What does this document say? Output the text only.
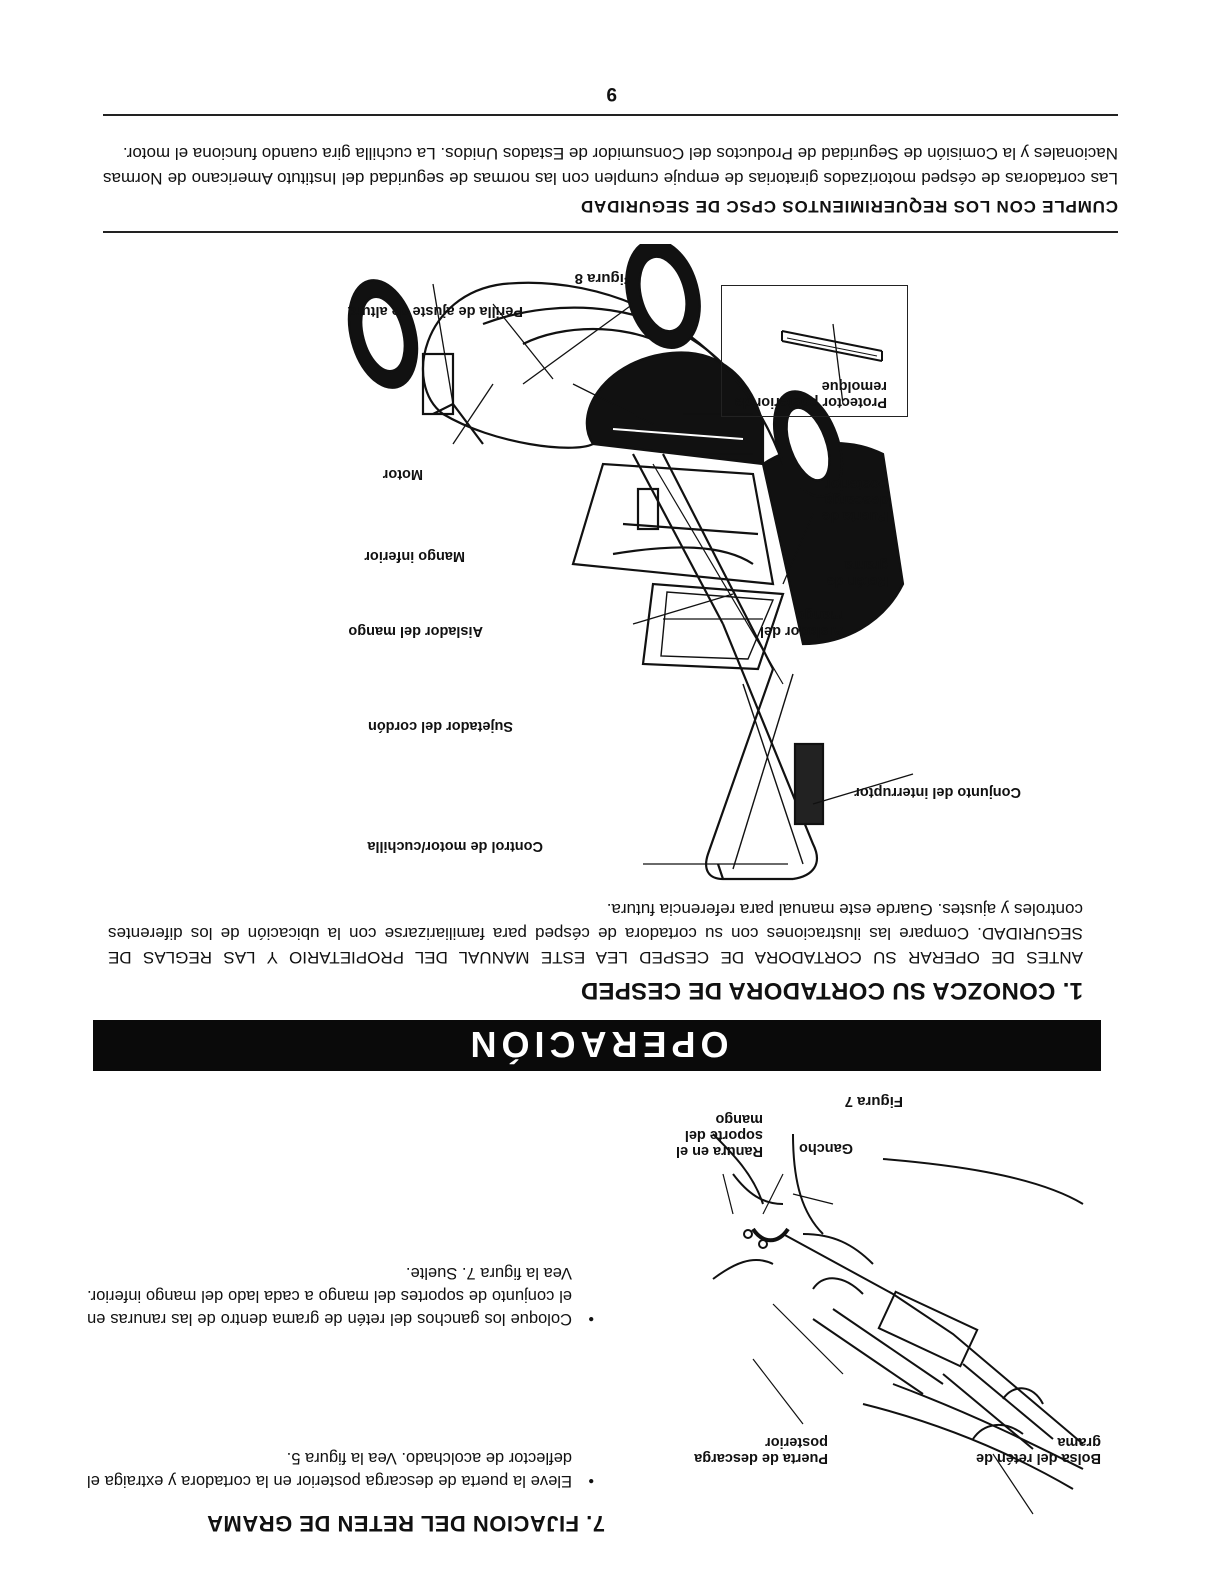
7. FIJACION DEL RETEN DE GRAMA
• Eleve la puerta de descarga posterior en la cortadora y extraiga el deflector de acolchado. Vea la figura 5.
• Coloque los ganchos del retén de grama dentro de las ranuras en el conjunto de soportes del mango a cada lado del mango inferior. Vea la figura 7. Suelte.
Bolsa del retén de grama
Puerta de descarga posterior
Ranura en el soporte del mango
Gancho
Figura 7
OPERACIÓN
1. CONOZCA SU CORTADORA DE CESPED
ANTES DE OPERAR SU CORTADORA DE CESPED LEA ESTE MANUAL DEL PROPIETARIO Y LAS REGLAS DE SEGURIDAD. Compare las ilustraciones con su cortadora de césped para familiarizarse con la ubicación de los diferentes controles y ajustes. Guarde este manual para referencia futura.
Control de motor/cuchilla
Conjunto del interruptor
Sujetador del cordón
Aislador del mango	Aislador del mango
Retén de grama
Mango inferior
Puerta de descarga posterior
Motor
Perilla de ajuste de altura
Figura 8
Protector posterior de remolque
CUMPLE CON LOS REQUERIMIENTOS CPSC DE SEGURIDAD
Las cortadoras de césped motorizados giratorias de empuje cumplen con las normas de seguridad del Instituto Americano de Normas Nacionales y la Comisión de Seguridad de Productos del Consumidor de Estados Unidos. La cuchilla gira cuando funciona el motor.
9
